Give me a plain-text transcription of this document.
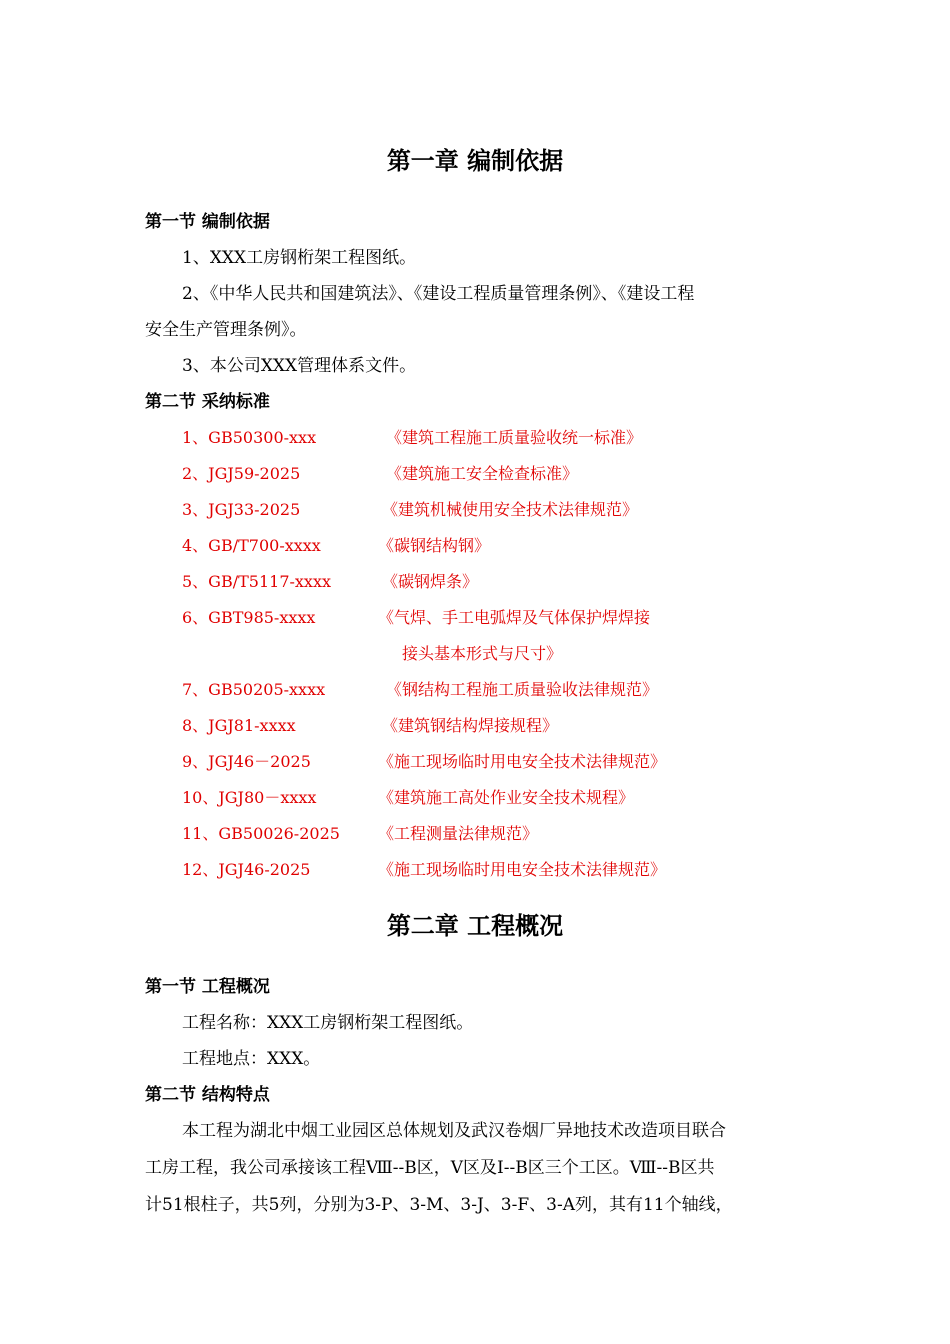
第一章 编制依据
第一节 编制依据
1、XXX工房钢桁架工程图纸。
2、《中华人民共和国建筑法》、《建设工程质量管理条例》、《建设工程
安全生产管理条例》。
3、本公司XXX管理体系文件。
第二节 采纳标准
1、GB50300-xxx	《建筑工程施工质量验收统一标准》
2、JGJ59-2025	《建筑施工安全检查标准》
3、JGJ33-2025	《建筑机械使用安全技术法律规范》
4、GB/T700-xxxx	《碳钢结构钢》
5、GB/T5117-xxxx	《碳钢焊条》
6、GBT985-xxxx	《气焊、手工电弧焊及气体保护焊焊接
接头基本形式与尺寸》
7、GB50205-xxxx	《钢结构工程施工质量验收法律规范》
8、JGJ81-xxxx	《建筑钢结构焊接规程》
9、JGJ46－2025	《施工现场临时用电安全技术法律规范》
10、JGJ80－xxxx	《建筑施工高处作业安全技术规程》
11、GB50026-2025 《工程测量法律规范》
12、JGJ46-2025	《施工现场临时用电安全技术法律规范》
第二章 工程概况
第一节 工程概况
工程名称：XXX工房钢桁架工程图纸。
工程地点：XXX。
第二节 结构特点
本工程为湖北中烟工业园区总体规划及武汉卷烟厂异地技术改造项目联合
工房工程，我公司承接该工程Ⅷ--B区，Ⅴ区及Ⅰ--B区三个工区。Ⅷ--B区共
计51根柱子，共5列，分别为3-P、3-M、3-J、3-F、3-A列，其有11个轴线，
